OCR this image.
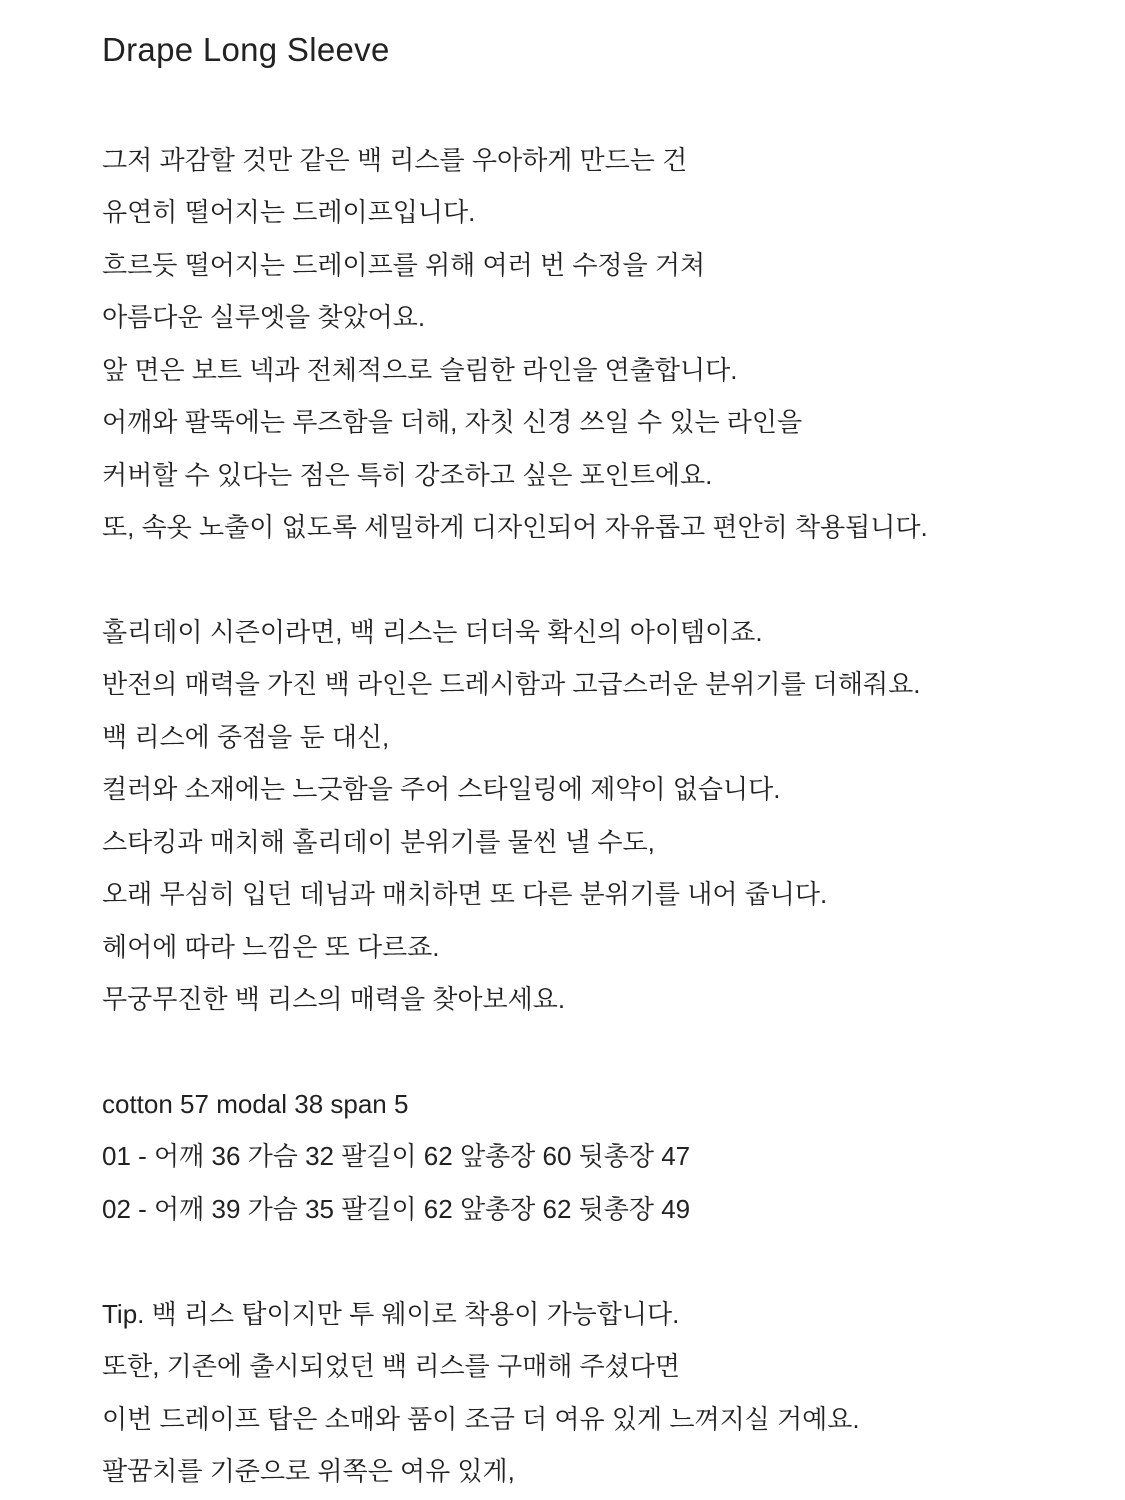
Drape Long Sleeve
그저 과감할 것만 같은 백 리스를 우아하게 만드는 건
유연히 떨어지는 드레이프입니다.
흐르듯 떨어지는 드레이프를 위해 여러 번 수정을 거쳐
아름다운 실루엣을 찾았어요.
앞 면은 보트 넥과 전체적으로 슬림한 라인을 연출합니다.
어깨와 팔뚝에는 루즈함을 더해, 자칫 신경 쓰일 수 있는 라인을
커버할 수 있다는 점은 특히 강조하고 싶은 포인트에요.
또, 속옷 노출이 없도록 세밀하게 디자인되어 자유롭고 편안히 착용됩니다.
홀리데이 시즌이라면, 백 리스는 더더욱 확신의 아이템이죠.
반전의 매력을 가진 백 라인은 드레시함과 고급스러운 분위기를 더해줘요.
백 리스에 중점을 둔 대신,
컬러와 소재에는 느긋함을 주어 스타일링에 제약이 없습니다.
스타킹과 매치해 홀리데이 분위기를 물씬 낼 수도,
오래 무심히 입던 데님과 매치하면 또 다른 분위기를 내어 줍니다.
헤어에 따라 느낌은 또 다르죠.
무궁무진한 백 리스의 매력을 찾아보세요.
cotton 57 modal 38 span 5
01 - 어깨 36 가슴 32 팔길이 62 앞총장 60 뒷총장 47
02 - 어깨 39 가슴 35 팔길이 62 앞총장 62 뒷총장 49
Tip. 백 리스 탑이지만 투 웨이로 착용이 가능합니다.
또한, 기존에 출시되었던 백 리스를 구매해 주셨다면
이번 드레이프 탑은 소매와 품이 조금 더 여유 있게 느껴지실 거예요.
팔꿈치를 기준으로 위쪽은 여유 있게,
